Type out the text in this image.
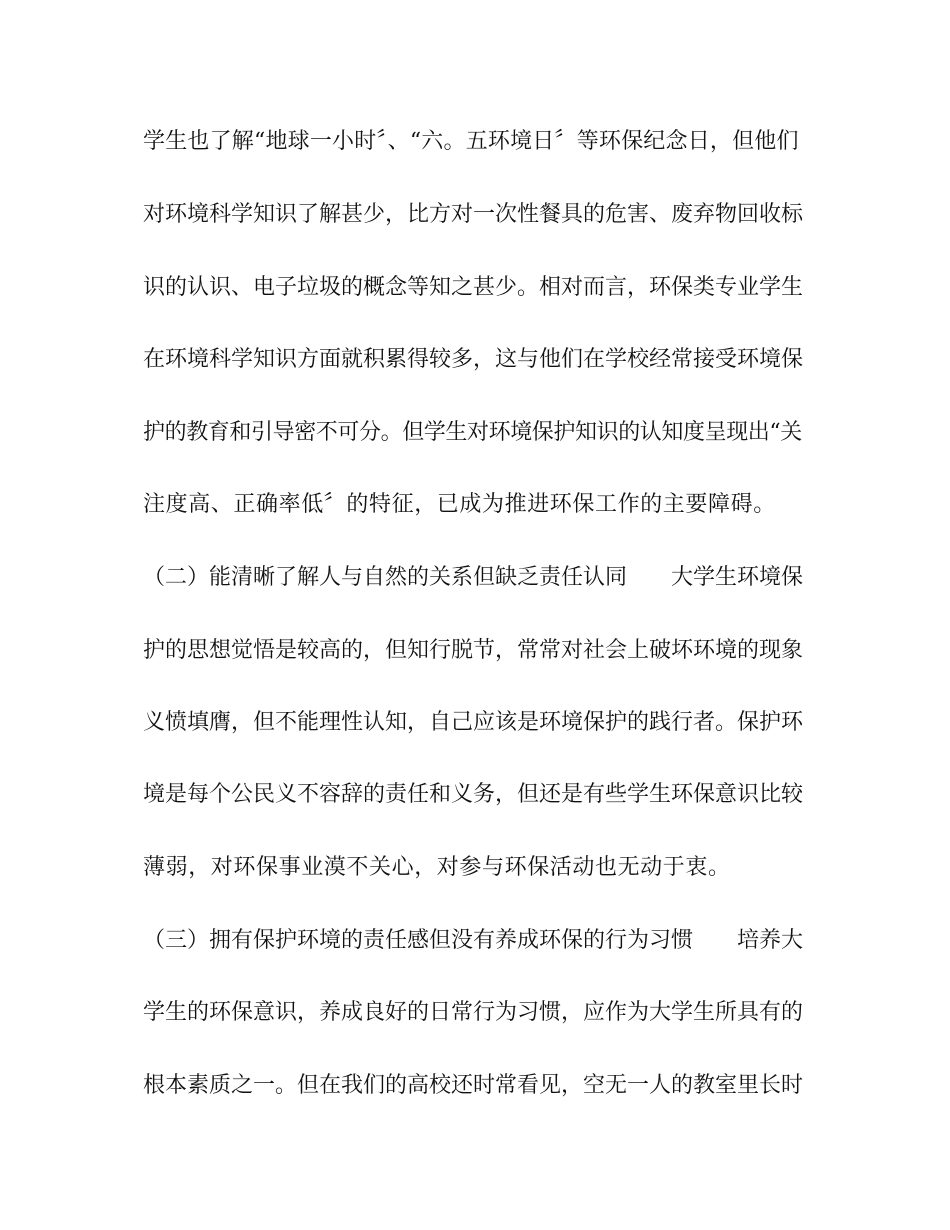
学生也了解“地球一小时〞、“六。五环境日〞等环保纪念日，但他们
对环境科学知识了解甚少，比方对一次性餐具的危害、废弃物回收标
识的认识、电子垃圾的概念等知之甚少。相对而言，环保类专业学生
在环境科学知识方面就积累得较多，这与他们在学校经常接受环境保
护的教育和引导密不可分。但学生对环境保护知识的认知度呈现出“关
注度高、正确率低〞的特征，已成为推进环保工作的主要障碍。
（二）能清晰了解人与自然的关系但缺乏责任认同　　大学生环境保
护的思想觉悟是较高的，但知行脱节，常常对社会上破坏环境的现象
义愤填膺，但不能理性认知，自己应该是环境保护的践行者。保护环
境是每个公民义不容辞的责任和义务，但还是有些学生环保意识比较
薄弱，对环保事业漠不关心，对参与环保活动也无动于衷。
（三）拥有保护环境的责任感但没有养成环保的行为习惯　　培养大
学生的环保意识，养成良好的日常行为习惯，应作为大学生所具有的
根本素质之一。但在我们的高校还时常看见，空无一人的教室里长时
